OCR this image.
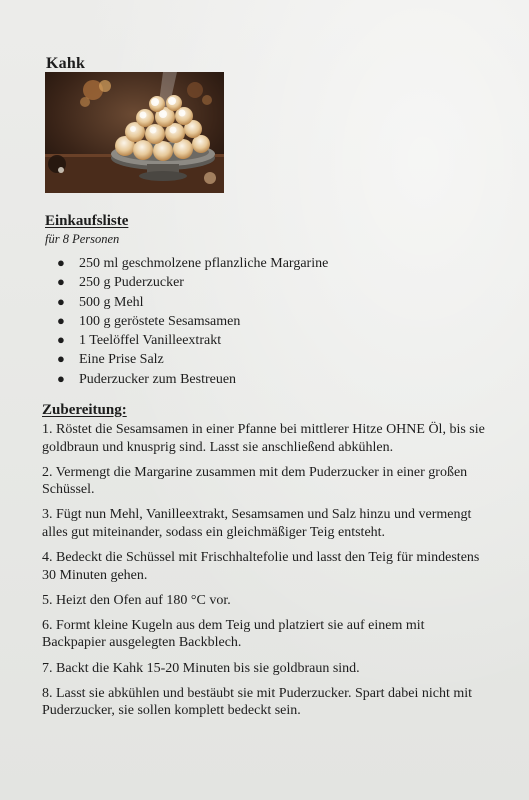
Kahk
Einkaufsliste
für 8 Personen
● 250 ml geschmolzene pflanzliche Margarine
● 250 g Puderzucker
● 500 g Mehl
● 100 g geröstete Sesamsamen
● 1 Teelöffel Vanilleextrakt
● Eine Prise Salz
● Puderzucker zum Bestreuen
Zubereitung:

1. Röstet die Sesamsamen in einer Pfanne bei mittlerer Hitze OHNE Öl, bis sie goldbraun und knusprig sind. Lasst sie anschließend abkühlen.

2. Vermengt die Margarine zusammen mit dem Puderzucker in einer großen Schüssel.

3. Fügt nun Mehl, Vanilleextrakt, Sesamsamen und Salz hinzu und vermengt alles gut miteinander, sodass ein gleichmäßiger Teig entsteht.

4. Bedeckt die Schüssel mit Frischhaltefolie und lasst den Teig für mindestens 30 Minuten gehen.

5. Heizt den Ofen auf 180 °C vor.

6. Formt kleine Kugeln aus dem Teig und platziert sie auf einem mit Backpapier ausgelegten Backblech.

7. Backt die Kahk 15-20 Minuten bis sie goldbraun sind.

8. Lasst sie abkühlen und bestäubt sie mit Puderzucker. Spart dabei nicht mit Puderzucker, sie sollen komplett bedeckt sein.
